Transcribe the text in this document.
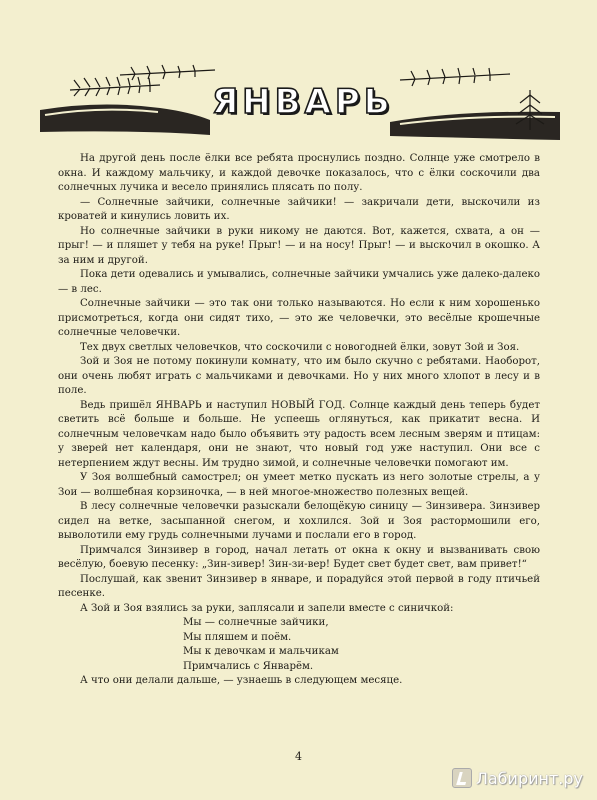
ЯНВАРЬ

На другой день после ёлки все ребята проснулись поздно. Солнце уже смотрело в окна. И каждому мальчику, и каждой девочке показалось, что с ёлки соскочили два солнечных лучика и весело принялись плясать по полу.

— Солнечные зайчики, солнечные зайчики! — закричали дети, выскочили из кроватей и кинулись ловить их.

Но солнечные зайчики в руки никому не даются. Вот, кажется, схвата, а он — прыг! — и пляшет у тебя на руке! Прыг! — и на носу! Прыг! — и выскочил в окошко. А за ним и другой.

Пока дети одевались и умывались, солнечные зайчики умчались уже далеко-далеко — в лес.

Солнечные зайчики — это так они только называются. Но если к ним хорошенько присмотреться, когда они сидят тихо, — это же человечки, это весёлые крошечные солнечные человечки.

Тех двух светлых человечков, что соскочили с новогодней ёлки, зовут Зой и Зоя.

Зой и Зоя не потому покинули комнату, что им было скучно с ребятами. Наоборот, они очень любят играть с мальчиками и девочками. Но у них много хлопот в лесу и в поле.

Ведь пришёл ЯНВАРЬ и наступил НОВЫЙ ГОД. Солнце каждый день теперь будет светить всё больше и больше. Не успеешь оглянуться, как прикатит весна. И солнечным человечкам надо было объявить эту радость всем лесным зверям и птицам: у зверей нет календаря, они не знают, что новый год уже наступил. Они все с нетерпением ждут весны. Им трудно зимой, и солнечные человечки помогают им.

У Зоя волшебный самострел; он умеет метко пускать из него золотые стрелы, а у Зои — волшебная корзиночка, — в ней многое-множество полезных вещей.

В лесу солнечные человечки разыскали белощёкую синицу — Зинзивера. Зинзивер сидел на ветке, засыпанной снегом, и хохлился. Зой и Зоя растормошили его, выволотили ему грудь солнечными лучами и послали его в город.

Примчался Зинзивер в город, начал летать от окна к окну и вызванивать свою весёлую, боевую песенку: „Зин-зивер! Зин-зи-вер! Будет свет будет свет, вам привет!“

Послушай, как звенит Зинзивер в январе, и порадуйся этой первой в году птичьей песенке.

А Зой и Зоя взялись за руки, заплясали и запели вместе с синичкой:

Мы — солнечные зайчики,
Мы пляшем и поём.
Мы к девочкам и мальчикам
Примчались с Январём.

А что они делали дальше, — узнаешь в следующем месяце.

4
Лабиринт.ру
